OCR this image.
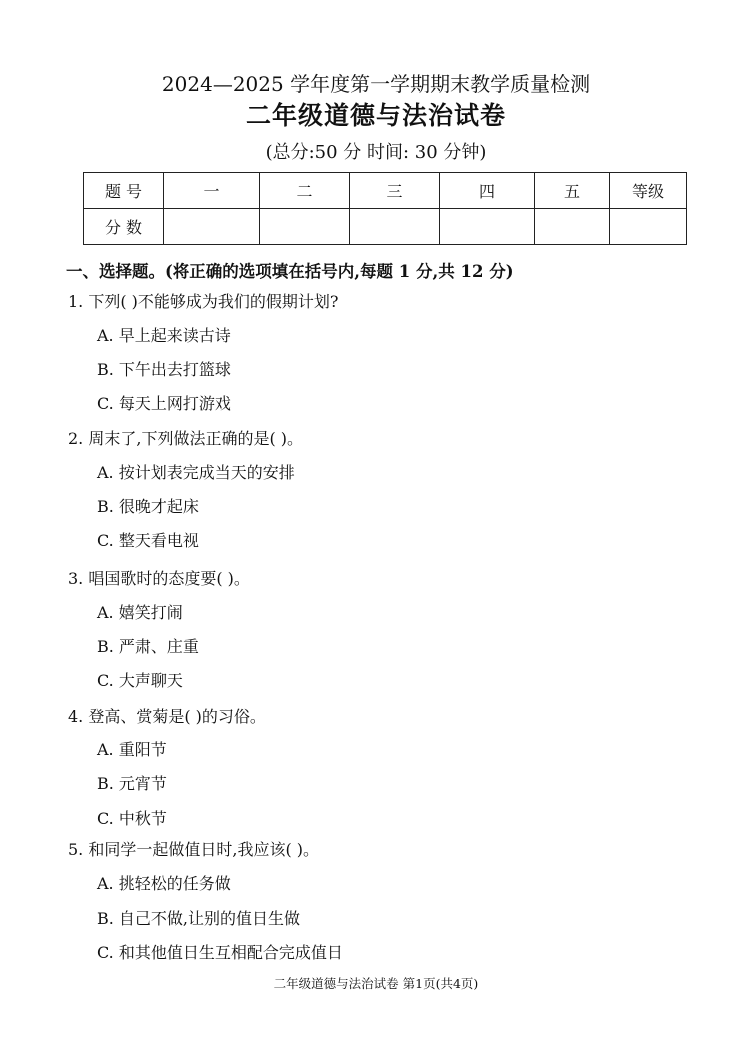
2024—2025 学年度第一学期期末教学质量检测
二年级道德与法治试卷
(总分:50 分 时间: 30 分钟)
题 号	一	二	三	四	五	等级
分 数						
一、选择题。(将正确的选项填在括号内,每题 1 分,共 12 分)
1. 下列( )不能够成为我们的假期计划?
A. 早上起来读古诗
B. 下午出去打篮球
C. 每天上网打游戏
2. 周末了,下列做法正确的是( )。
A. 按计划表完成当天的安排
B. 很晚才起床
C. 整天看电视
3. 唱国歌时的态度要( )。
A. 嬉笑打闹
B. 严肃、庄重
C. 大声聊天
4. 登高、赏菊是( )的习俗。
A. 重阳节
B. 元宵节
C. 中秋节
5. 和同学一起做值日时,我应该( )。
A. 挑轻松的任务做
B. 自己不做,让别的值日生做
C. 和其他值日生互相配合完成值日
二年级道德与法治试卷 第1页(共4页)
